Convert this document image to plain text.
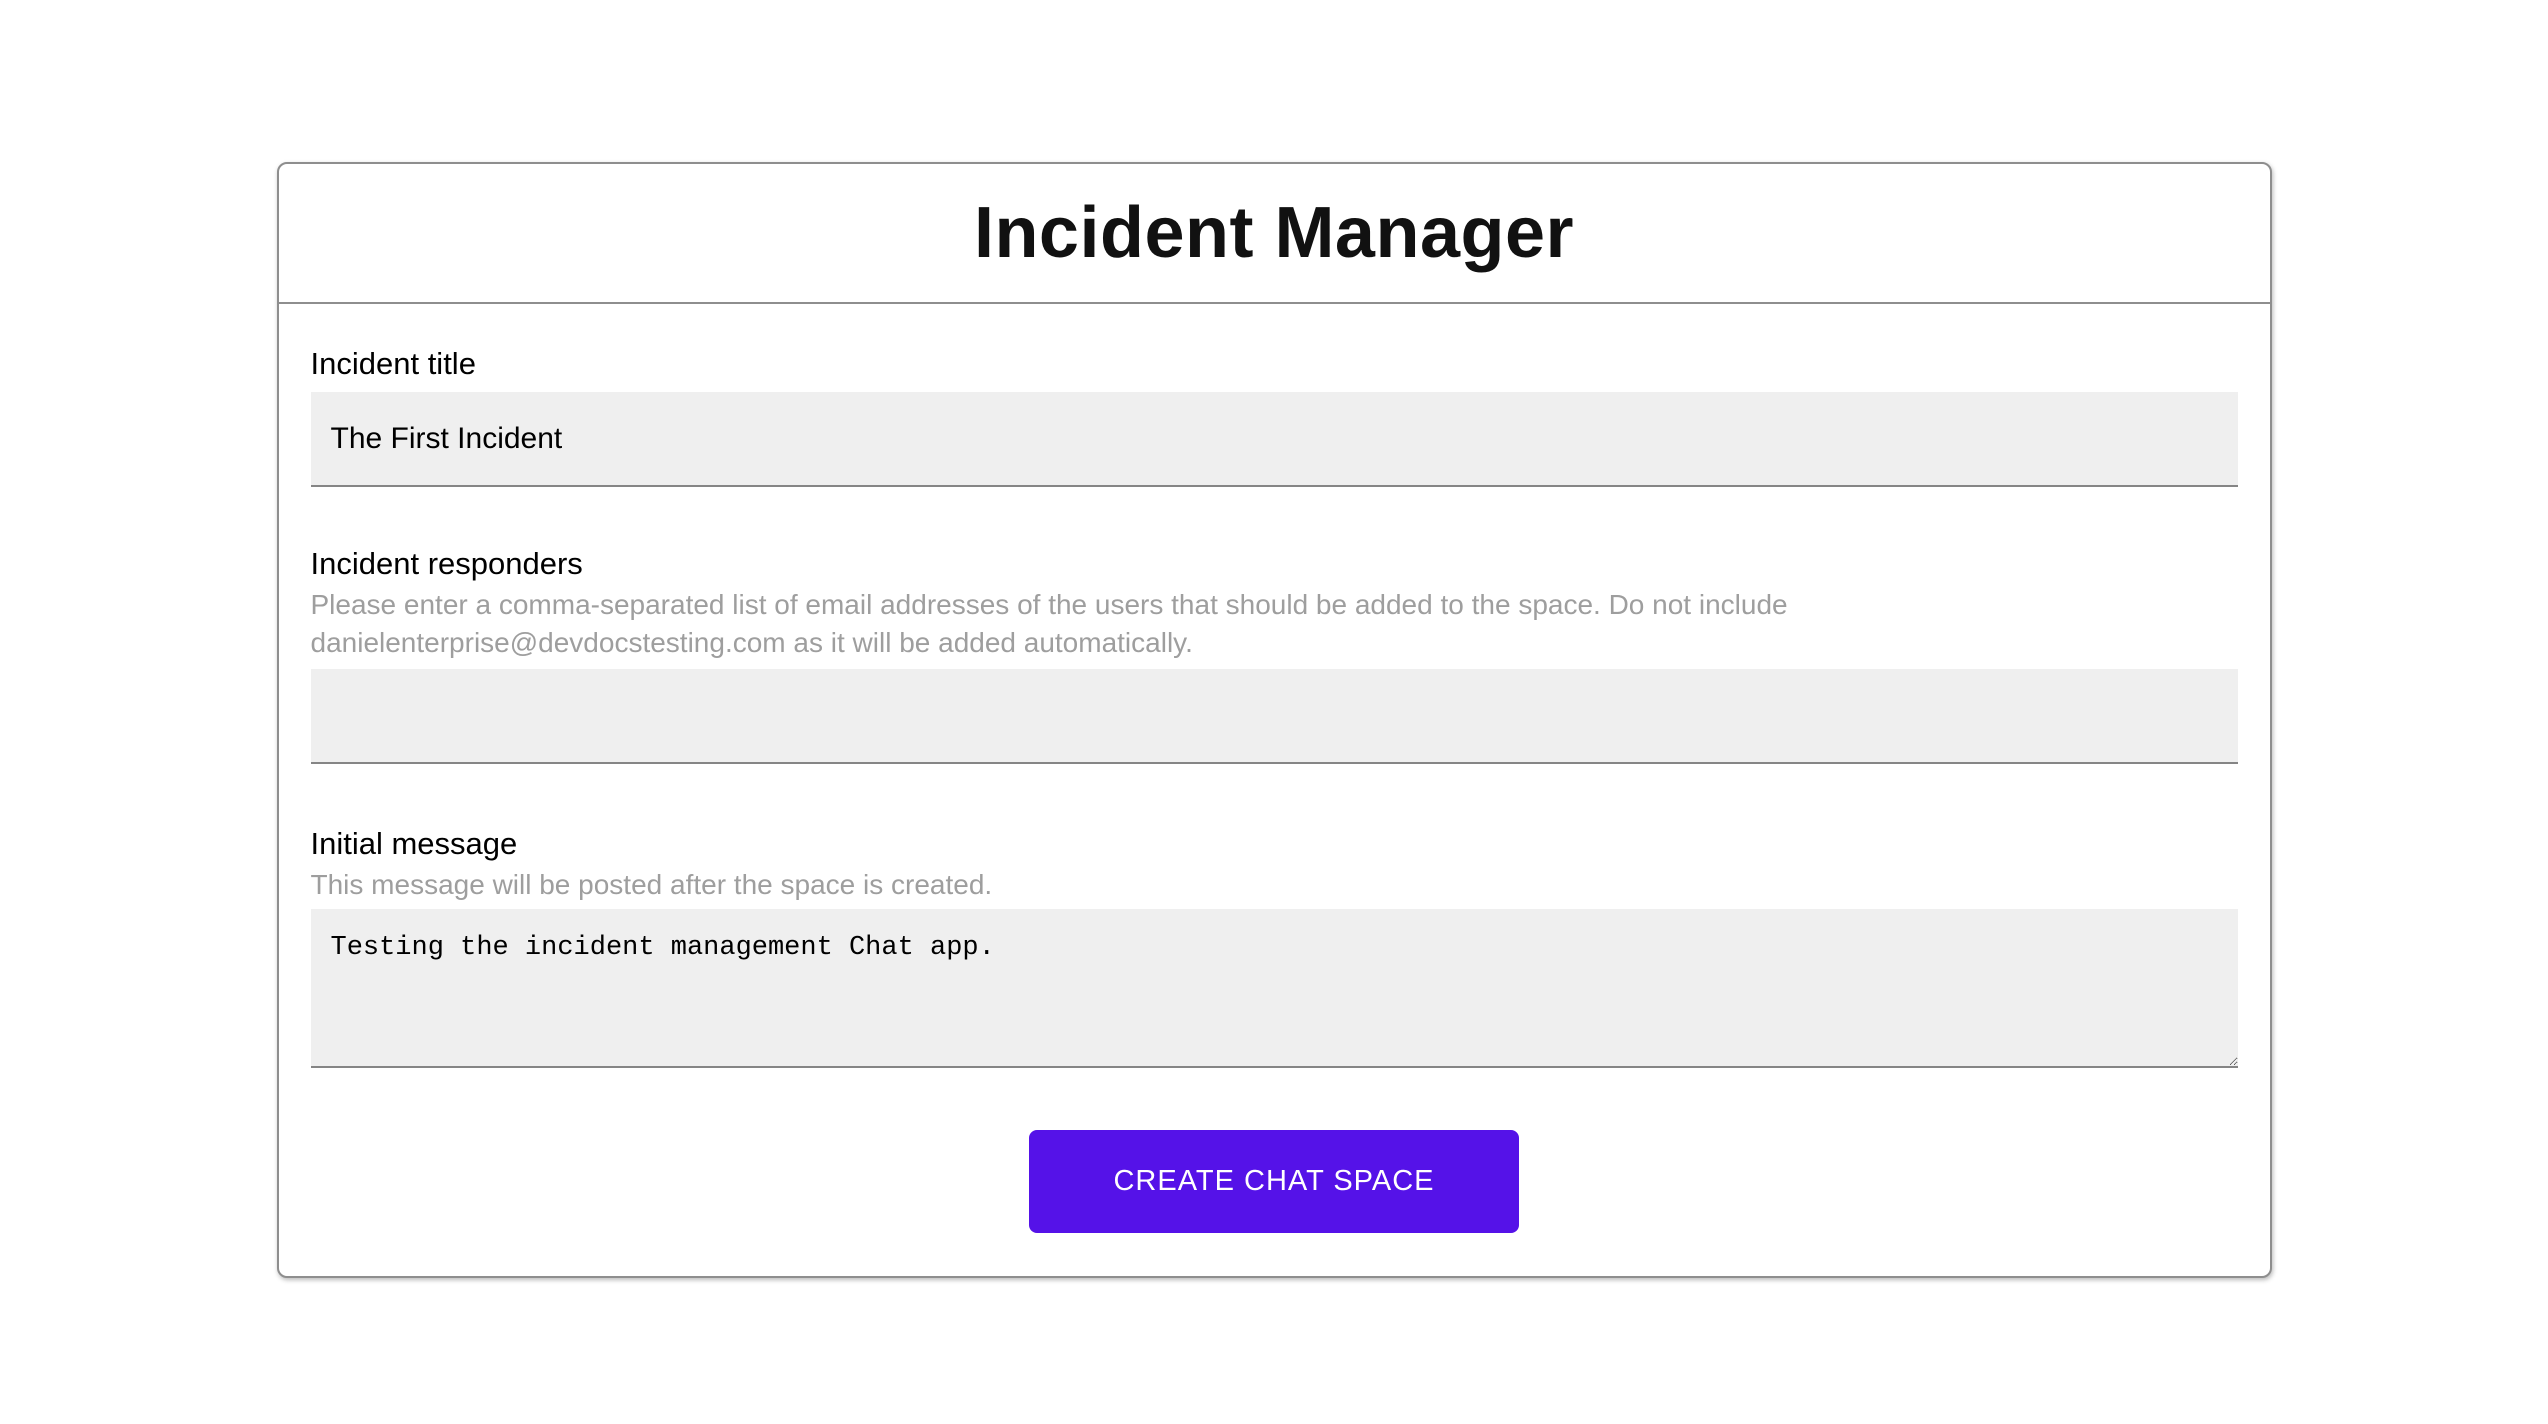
Incident Manager
Incident title
The First Incident
Incident responders

Please enter a comma-separated list of email addresses of the users that should be added to the space. Do not include danielenterprise@devdocstesting.com as it will be added automatically.

Initial message

This message will be posted after the space is created.

Testing the incident management Chat app.
CREATE CHAT SPACE
